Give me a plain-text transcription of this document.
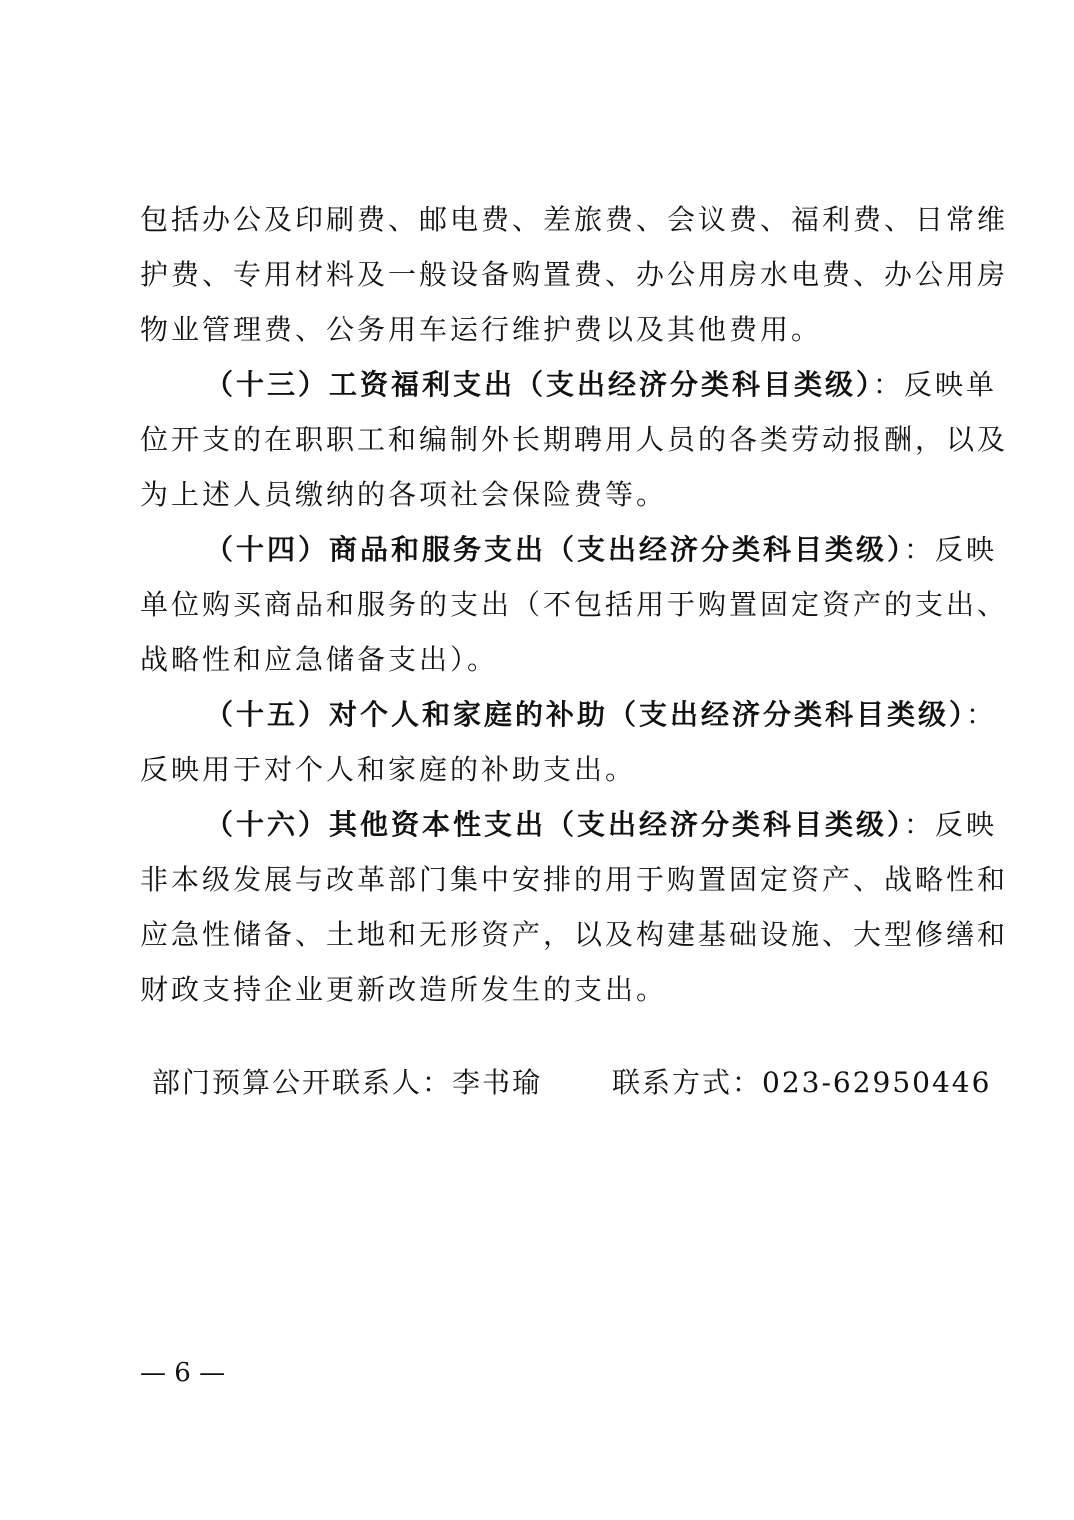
包括办公及印刷费、邮电费、差旅费、会议费、福利费、日常维
护费、专用材料及一般设备购置费、办公用房水电费、办公用房
物业管理费、公务用车运行维护费以及其他费用。
（十三）工资福利支出（支出经济分类科目类级）：反映单
位开支的在职职工和编制外长期聘用人员的各类劳动报酬，以及
为上述人员缴纳的各项社会保险费等。
（十四）商品和服务支出（支出经济分类科目类级）：反映
单位购买商品和服务的支出（不包括用于购置固定资产的支出、
战略性和应急储备支出）。
（十五）对个人和家庭的补助（支出经济分类科目类级）：
反映用于对个人和家庭的补助支出。
（十六）其他资本性支出（支出经济分类科目类级）：反映
非本级发展与改革部门集中安排的用于购置固定资产、战略性和
应急性储备、土地和无形资产，以及构建基础设施、大型修缮和
财政支持企业更新改造所发生的支出。
部门预算公开联系人：李书瑜 联系方式：023-62950446
— 6 —
